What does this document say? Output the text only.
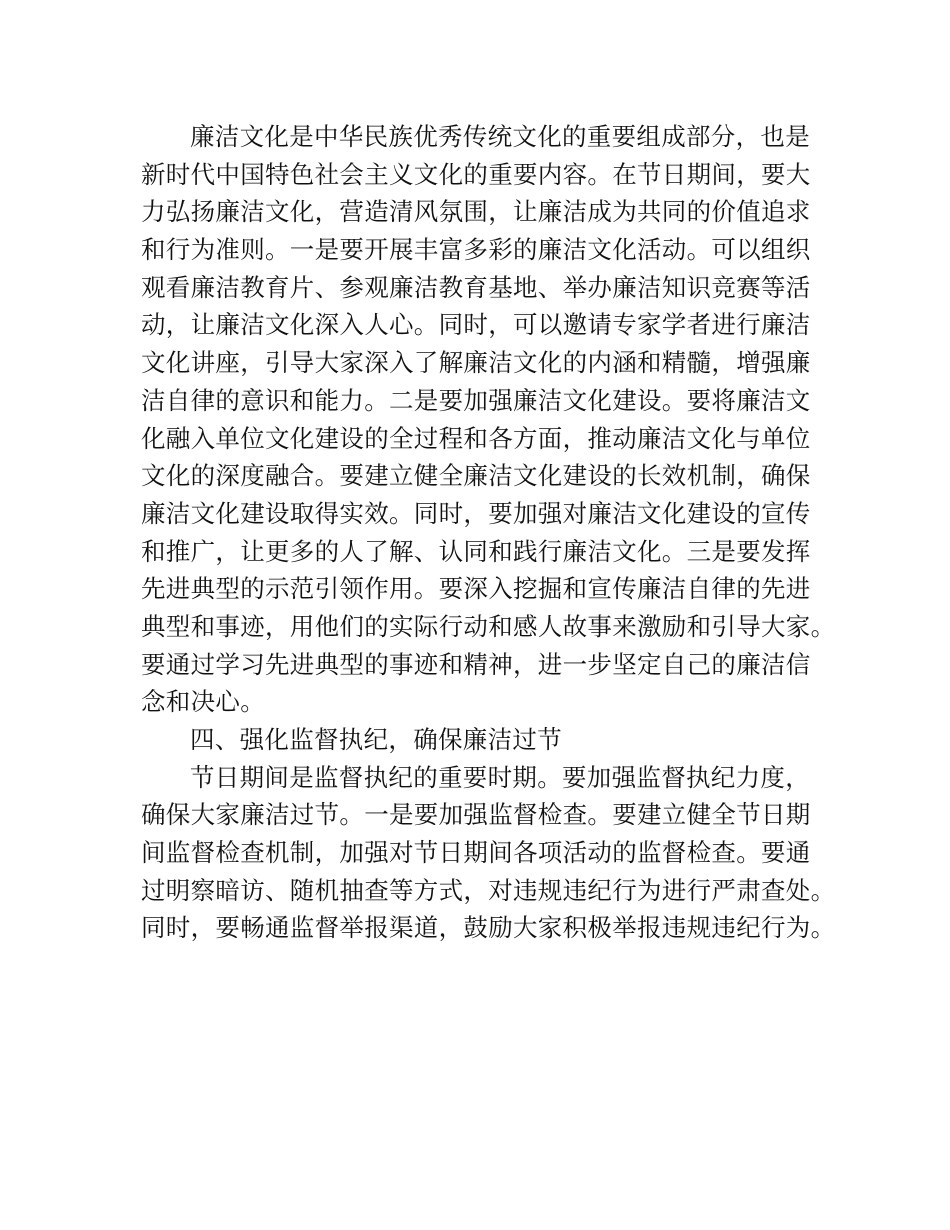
廉洁文化是中华民族优秀传统文化的重要组成部分，也是
新时代中国特色社会主义文化的重要内容。在节日期间，要大
力弘扬廉洁文化，营造清风氛围，让廉洁成为共同的价值追求
和行为准则。一是要开展丰富多彩的廉洁文化活动。可以组织
观看廉洁教育片、参观廉洁教育基地、举办廉洁知识竞赛等活
动，让廉洁文化深入人心。同时，可以邀请专家学者进行廉洁
文化讲座，引导大家深入了解廉洁文化的内涵和精髓，增强廉
洁自律的意识和能力。二是要加强廉洁文化建设。要将廉洁文
化融入单位文化建设的全过程和各方面，推动廉洁文化与单位
文化的深度融合。要建立健全廉洁文化建设的长效机制，确保
廉洁文化建设取得实效。同时，要加强对廉洁文化建设的宣传
和推广，让更多的人了解、认同和践行廉洁文化。三是要发挥
先进典型的示范引领作用。要深入挖掘和宣传廉洁自律的先进
典型和事迹，用他们的实际行动和感人故事来激励和引导大家。
要通过学习先进典型的事迹和精神，进一步坚定自己的廉洁信
念和决心。
四、强化监督执纪，确保廉洁过节
节日期间是监督执纪的重要时期。要加强监督执纪力度，
确保大家廉洁过节。一是要加强监督检查。要建立健全节日期
间监督检查机制，加强对节日期间各项活动的监督检查。要通
过明察暗访、随机抽查等方式，对违规违纪行为进行严肃查处。
同时，要畅通监督举报渠道，鼓励大家积极举报违规违纪行为。
